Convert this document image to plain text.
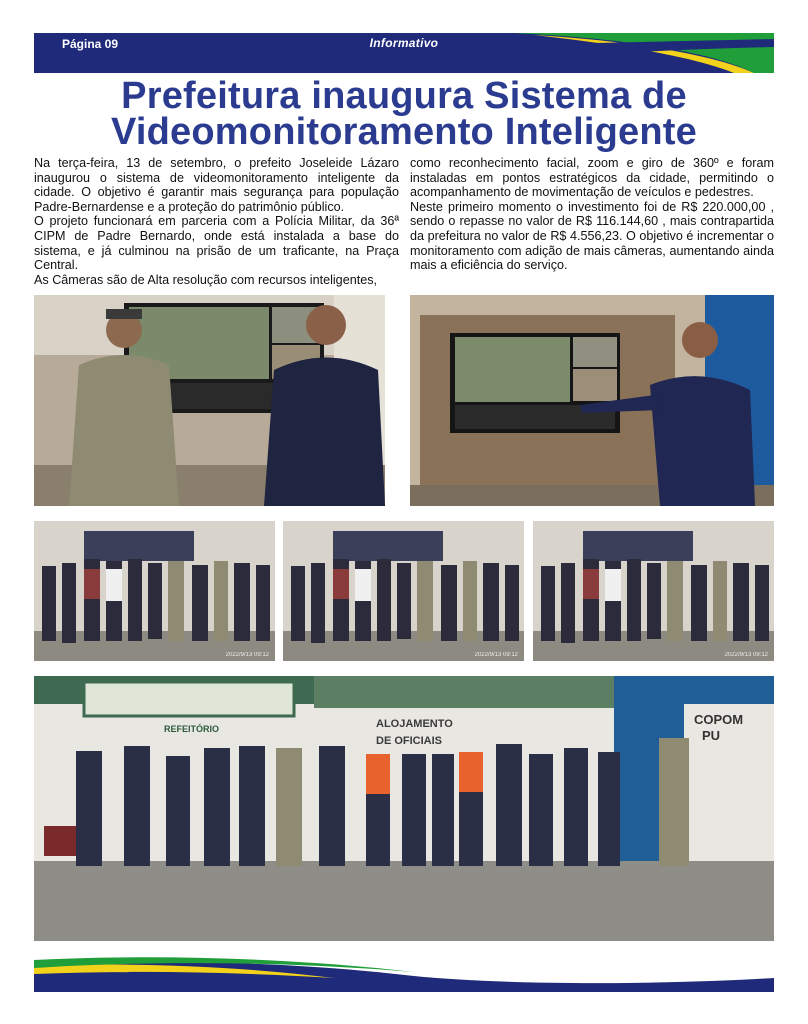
Página 09	Informativo
Prefeitura inaugura Sistema de
Videomonitoramento Inteligente

Na terça-feira, 13 de setembro, o prefeito Joseleide Lázaro inaugurou o sistema de videomonitoramento inteligente da cidade. O objetivo é garantir mais segurança para população Padre-Bernardense e a proteção do patrimônio público.

O projeto funcionará em parceria com a Polícia Militar, da 36ª CIPM de Padre Bernardo, onde está instalada a base do sistema, e já culminou na prisão de um traficante, na Praça Central.

As Câmeras são de Alta resolução com recursos inteligentes,

como reconhecimento facial, zoom e giro de 360º e foram instaladas em pontos estratégicos da cidade, permitindo o acompanhamento de movimentação de veículos e pedestres.

Neste primeiro momento o investimento foi de R$ 220.000,00 , sendo o repasse no valor de R$ 116.144,60 , mais contrapartida da prefeitura no valor de R$ 4.556,23. O objetivo é incrementar o monitoramento com adição de mais câmeras, aumentando ainda mais a eficiência do serviço.

2022/9/13 09:12	2022/9/13 09:12	2022/9/13 09:12
REFEITÓRIO	ALOJAMENTO
DE OFICIAIS
COPOM
PU
